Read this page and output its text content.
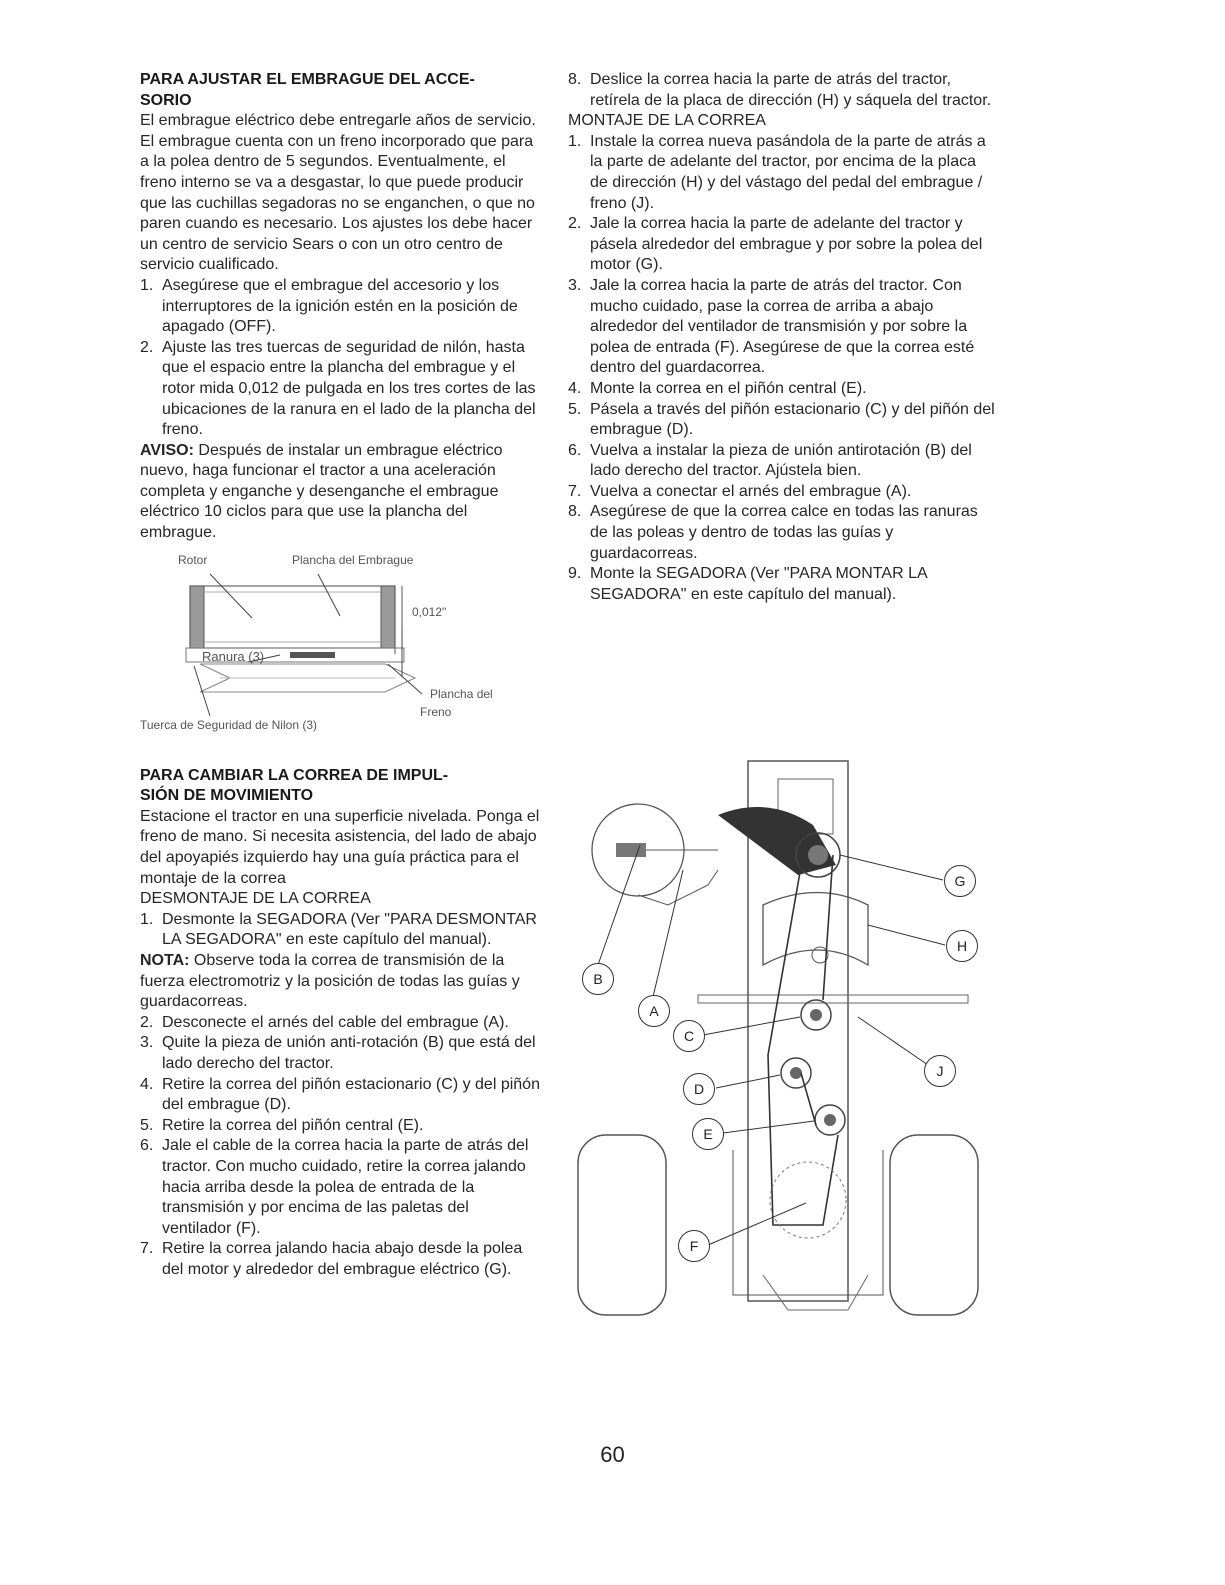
PARA AJUSTAR EL EMBRAGUE DEL ACCE-
SORIO

El embrague eléctrico debe entregarle años de servicio. El embrague cuenta con un freno incorporado que para a la polea dentro de 5 segundos. Eventualmente, el freno interno se va a desgastar, lo que puede producir que las cuchillas segadoras no se enganchen, o que no paren cuando es necesario. Los ajustes los debe hacer un centro de servicio Sears o con un otro centro de servicio cualificado.

1. Asegúrese que el embrague del accesorio y los interruptores de la ignición estén en la posición de apagado (OFF).
2. Ajuste las tres tuercas de seguridad de nilón, hasta que el espacio entre la plancha del embrague y el rotor mida 0,012 de pulgada en los tres cortes de las ubicaciones de la ranura en el lado de la plancha del freno.

AVISO: Después de instalar un embrague eléctrico nuevo, haga funcionar el tractor a una aceleración completa y enganche y desenganche el embrague eléctrico 10 ciclos para que use la plancha del embrague.

Rotor	Plancha del Embrague
0,012"
Ranura (3)
Plancha del
Freno
Tuerca de Seguridad de Nilon (3)

PARA CAMBIAR LA CORREA DE IMPUL-
SIÓN DE MOVIMIENTO

Estacione el tractor en una superficie nivelada. Ponga el freno de mano. Si necesita asistencia, del lado de abajo del apoyapiés izquierdo hay una guía práctica para el montaje de la correa

DESMONTAJE DE LA CORREA

1. Desmonte la SEGADORA (Ver "PARA DESMONTAR LA SEGADORA" en este capítulo del manual).

NOTA: Observe toda la correa de transmisión de la fuerza electromotriz y la posición de todas las guías y guardacorreas.

2. Desconecte el arnés del cable del embrague (A).
3. Quite la pieza de unión anti-rotación (B) que está del lado derecho del tractor.
4. Retire la correa del piñón estacionario (C) y del piñón del embrague (D).
5. Retire la correa del piñón central (E).
6. Jale el cable de la correa hacia la parte de atrás del tractor. Con mucho cuidado, retire la correa jalando hacia arriba desde la polea de entrada de la transmisión y por encima de las paletas del ventilador (F).
7. Retire la correa jalando hacia abajo desde la polea del motor y alrededor del embrague eléctrico (G).
8. Deslice la correa hacia la parte de atrás del tractor, retírela de la placa de dirección (H) y sáquela del tractor.

MONTAJE DE LA CORREA

1. Instale la correa nueva pasándola de la parte de atrás a la parte de adelante del tractor, por encima de la placa de dirección (H) y del vástago del pedal del embrague / freno (J).
2. Jale la correa hacia la parte de adelante del tractor y pásela alrededor del embrague y por sobre la polea del motor (G).
3. Jale la correa hacia la parte de atrás del tractor. Con mucho cuidado, pase la correa de arriba a abajo alrededor del ventilador de transmisión y por sobre la polea de entrada (F). Asegúrese de que la correa esté dentro del guardacorrea.
4. Monte la correa en el piñón central (E).
5. Pásela a través del piñón estacionario (C) y del piñón del embrague (D).
6. Vuelva a instalar la pieza de unión antirotación (B) del lado derecho del tractor. Ajústela bien.
7. Vuelva a conectar el arnés del embrague (A).
8. Asegúrese de que la correa calce en todas las ranuras de las poleas y dentro de todas las guías y guardacorreas.
9. Monte la SEGADORA (Ver "PARA MONTAR LA SEGADORA" en este capítulo del manual).
G
H
B
A
C
J
D
E
F
60
